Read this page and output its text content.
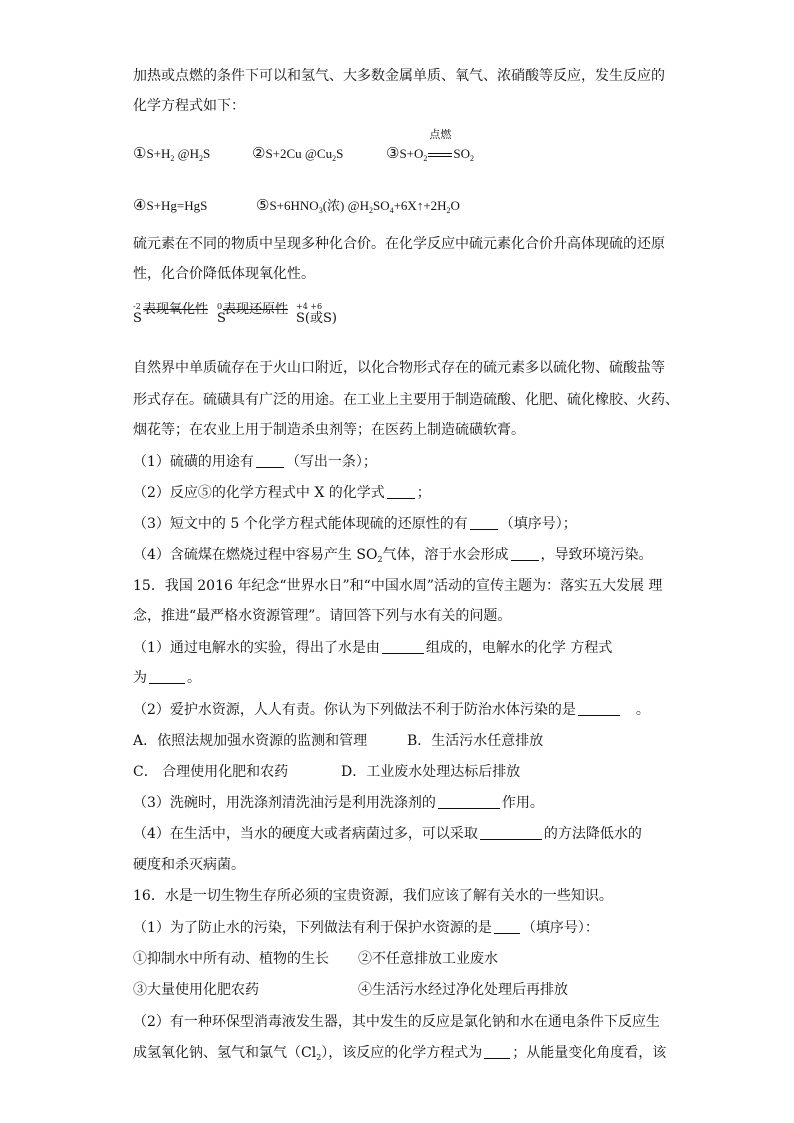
加热或点燃的条件下可以和氢气、大多数金属单质、氧气、浓硝酸等反应，发生反应的
化学方程式如下：
$①S+H_2$ $@H_2S$	②S+2Cu $@Cu_2S$	$③S+O_2$
点燃
$SO_2$
④S+Hg=HgS	$⑤S+6HNO_3$(浓) $@H_2SO_4+6X↑+2H_2O$
硫元素在不同的物质中呈现多种化合价。在化学反应中硫元素化合价升高体现硫的还原
性，化合价降低体现氧化性。
-2
S
表现氧化性
S
0 表现还原性 +4 +6
S(或S)
自然界中单质硫存在于火山口附近，以化合物形式存在的硫元素多以硫化物、硫酸盐等
形式存在。硫磺具有广泛的用途。在工业上主要用于制造硫酸、化肥、硫化橡胶、火药、
烟花等；在农业上用于制造杀虫剂等；在医药上制造硫磺软膏。
（1）硫磺的用途有 （写出一条）；
（2）反应⑤的化学方程式中 X 的化学式 ；
（3）短文中的 5 个化学方程式能体现硫的还原性的有 （填序号）；
（4）含硫煤在燃烧过程中容易产生 $SO_2$气体，溶于水会形成 ，导致环境污染。
15．我国 2016 年纪念“世界水日”和“中国水周”活动的宣传主题为：落实五大发展 理
念，推进“最严格水资源管理”。请回答下列与水有关的问题。
（1）通过电解水的实验，得出了水是由	组成的，电解水的化学 方程式
为	。
（2）爱护水资源，人人有责。你认为下列做法不利于防治水体污染的是	。
A．依照法规加强水资源的监测和管理	B．生活污水任意排放
C． 合理使用化肥和农药	D．工业废水处理达标后排放
（3）洗碗时，用洗涤剂清洗油污是利用洗涤剂的	作用。
（4）在生活中，当水的硬度大或者病菌过多，可以采取	的方法降低水的
硬度和杀灭病菌。
16．水是一切生物生存所必须的宝贵资源，我们应该了解有关水的一些知识。
（1）为了防止水的污染，下列做法有利于保护水资源的是 （填序号）：
①抑制水中所有动、植物的生长 ②不任意排放工业废水
③大量使用化肥农药	④生活污水经过净化处理后再排放
（2）有一种环保型消毒液发生器，其中发生的反应是氯化钠和水在通电条件下反应生
成氢氧化钠、氢气和氯气$(Cl_2)$，该反应的化学方程式为 ；从能量变化角度看，该
